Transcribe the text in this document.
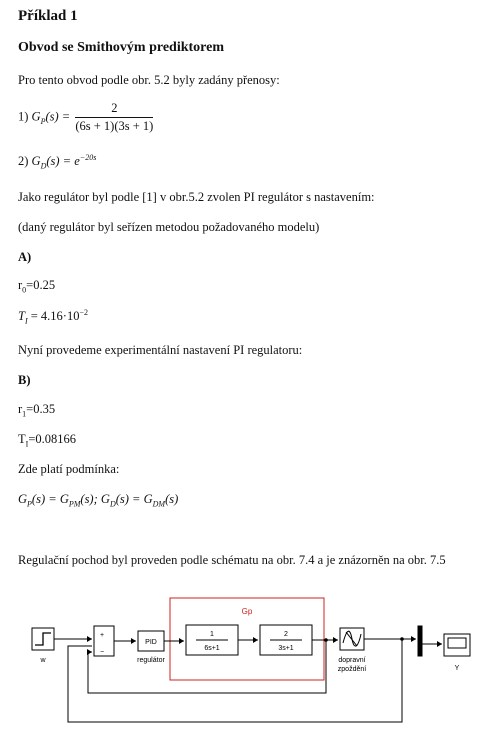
Příklad 1
Obvod se Smithovým prediktorem
Pro tento obvod podle obr. 5.2 byly zadány přenosy:
1) $G_P(s) = \frac{2}{(6s + 1)(3s + 1)}$
2) $G_D(s) = e^{-20s}$
Jako regulátor byl podle [1] v obr.5.2 zvolen PI regulátor s nastavením:
(daný regulátor byl seřízen metodou požadovaného modelu)
A)
$r_0=0.25$
$T_I = 4.16\cdot 10^{-2}$
Nyní provedeme experimentální nastavení PI regulatoru:
B)
$r_1=0.35$
$T_I=0.08166$
Zde platí podmínka:
$G_P(s) = G_{PM}(s)$; $G_D(s) = G_{DM}(s)$
Regulační pochod byl proveden podle schématu na obr. 7.4 a je znázorněn na obr. 7.5
+
−
PID
regulátor
1
6s+1
2
3s+1
dopravní
zpoždění
w
Y
Gp
